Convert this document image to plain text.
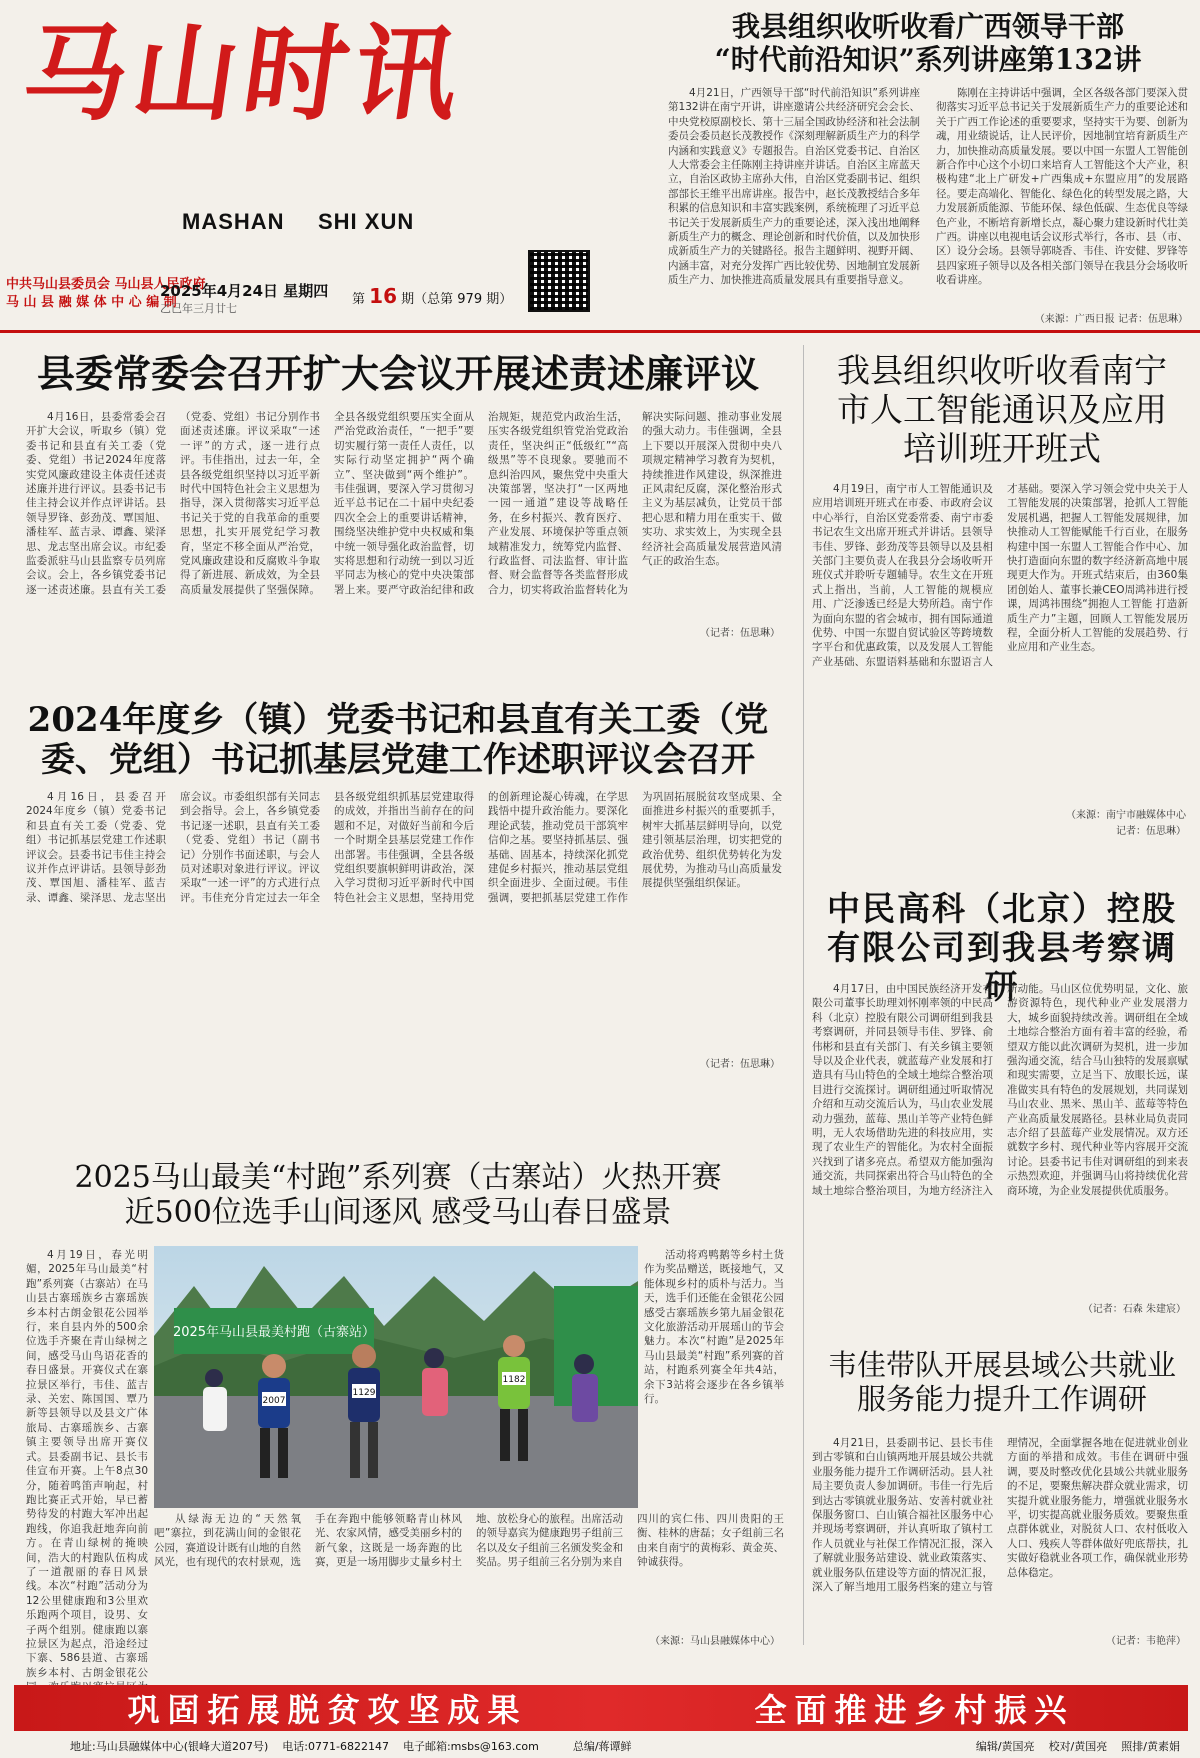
马山时讯
MASHAN SHI XUN
中共马山县委员会 马山县人民政府
马 山 县 融 媒 体 中 心 编 制
2025年4月24日 星期四
乙巳年三月廿七
第 16 期（总第 979 期）
我县组织收听收看广西领导干部
“时代前沿知识”系列讲座第132讲

4月21日，广西领导干部“时代前沿知识”系列讲座第132讲在南宁开讲，讲座邀请公共经济研究会会长、中央党校原副校长、第十三届全国政协经济和社会法制委员会委员赵长茂教授作《深刻理解新质生产力的科学内涵和实践意义》专题报告。自治区党委书记、自治区人大常委会主任陈刚主持讲座并讲话。自治区主席蓝天立，自治区政协主席孙大伟，自治区党委副书记、组织部部长王维平出席讲座。报告中，赵长茂教授结合多年积累的信息知识和丰富实践案例，系统梳理了习近平总书记关于发展新质生产力的重要论述，深入浅出地阐释新质生产力的概念、理论创新和时代价值，以及加快形成新质生产力的关键路径。报告主题鲜明、视野开阔、内涵丰富，对充分发挥广西比较优势、因地制宜发展新质生产力、加快推进高质量发展具有重要指导意义。

陈刚在主持讲话中强调，全区各级各部门要深入贯彻落实习近平总书记关于发展新质生产力的重要论述和关于广西工作论述的重要要求，坚持实干为要、创新为魂，用业绩说话，让人民评价，因地制宜培育新质生产力，加快推动高质量发展。要以中国一东盟人工智能创新合作中心这个小切口来培育人工智能这个大产业，积极构建“北上广研发+广西集成+东盟应用”的发展路径。要走高端化、智能化、绿色化的转型发展之路，大力发展新质能源、节能环保、绿色低碳、生态优良等绿色产业，不断培育新增长点，凝心聚力建设新时代壮美广西。讲座以电视电话会议形式举行，各市、县（市、区）设分会场。县领导郭晓香、韦佳、许安健、罗锋等县四家班子领导以及各相关部门领导在我县分会场收听收看讲座。

（来源：广西日报 记者：伍思琳）
县委常委会召开扩大会议开展述责述廉评议

4月16日，县委常委会召开扩大会议，听取乡（镇）党委书记和县直有关工委（党委、党组）书记2024年度落实党风廉政建设主体责任述责述廉并进行评议。县委书记韦佳主持会议并作点评讲话。县领导罗锋、彭劲茂、覃国旭、潘桂军、蓝吉录、谭鑫、梁泽思、龙志坚出席会议。市纪委监委派驻马山县监察专员列席会议。会上，各乡镇党委书记逐一述责述廉。县直有关工委（党委、党组）书记分别作书面述责述廉。评议采取“一述一评”的方式，逐一进行点评。韦佳指出，过去一年，全县各级党组织坚持以习近平新时代中国特色社会主义思想为指导，深入贯彻落实习近平总书记关于党的自我革命的重要思想，扎实开展党纪学习教育，坚定不移全面从严治党，党风廉政建设和反腐败斗争取得了新进展、新成效，为全县高质量发展提供了坚强保障。全县各级党组织要压实全面从严治党政治责任，“一把手”要切实履行第一责任人责任，以实际行动坚定拥护“两个确立”、坚决做到“两个维护”。韦佳强调，要深入学习贯彻习近平总书记在二十届中央纪委四次全会上的重要讲话精神，围绕坚决维护党中央权威和集中统一领导强化政治监督，切实将思想和行动统一到以习近平同志为核心的党中央决策部署上来。要严守政治纪律和政治规矩，规范党内政治生活，压实各级党组织管党治党政治责任，坚决纠正“低级红”“高级黑”等不良现象。要驰而不息纠治四风，聚焦党中央重大决策部署，坚决打“一区两地一园一通道”建设等战略任务，在乡村振兴、教育医疗、产业发展、环境保护等重点领域精准发力，统筹党内监督、行政监督、司法监督、审计监督、财会监督等各类监督形成合力，切实将政治监督转化为解决实际问题、推动事业发展的强大动力。韦佳强调，全县上下要以开展深入贯彻中央八项规定精神学习教育为契机，持续推进作风建设，纵深推进正风肃纪反腐，深化整治形式主义为基层减负，让党员干部把心思和精力用在重实干、做实功、求实效上，为实现全县经济社会高质量发展营造风清气正的政治生态。

（记者：伍思琳）
2024年度乡（镇）党委书记和县直有关工委（党
委、党组）书记抓基层党建工作述职评议会召开

4月16日，县委召开2024年度乡（镇）党委书记和县直有关工委（党委、党组）书记抓基层党建工作述职评议会。县委书记韦佳主持会议并作点评讲话。县领导彭劲茂、覃国旭、潘桂军、蓝吉录、谭鑫、梁泽思、龙志坚出席会议。市委组织部有关同志到会指导。会上，各乡镇党委书记逐一述职，县直有关工委（党委、党组）书记（副书记）分别作书面述职，与会人员对述职对象进行评议。评议采取“一述一评”的方式进行点评。韦佳充分肯定过去一年全县各级党组织抓基层党建取得的成效，并指出当前存在的问题和不足，对做好当前和今后一个时期全县基层党建工作作出部署。韦佳强调，全县各级党组织要旗帜鲜明讲政治，深入学习贯彻习近平新时代中国特色社会主义思想，坚持用党的创新理论凝心铸魂，在学思践悟中提升政治能力。要深化理论武装，推动党员干部筑牢信仰之基。要坚持抓基层、强基础、固基本，持续深化抓党建促乡村振兴，推动基层党组织全面进步、全面过硬。韦佳强调，要把抓基层党建工作作为巩固拓展脱贫攻坚成果、全面推进乡村振兴的重要抓手，树牢大抓基层鲜明导向，以党建引领基层治理，切实把党的政治优势、组织优势转化为发展优势，为推动马山高质量发展提供坚强组织保证。

（记者：伍思琳）
2025马山最美“村跑”系列赛（古寨站）火热开赛
近500位选手山间逐风 感受马山春日盛景

4月19日，春光明媚，2025年马山最美“村跑”系列赛（古寨站）在马山县古寨瑶族乡古寨瑶族乡本村古朗金银花公园举行，来自县内外的500余位选手齐聚在青山绿树之间，感受马山鸟语花香的春日盛景。开赛仪式在寨拉景区举行，韦佳、蓝吉录、关宏、陈国国、覃乃新等县领导以及县文广体旅局、古寨瑶族乡、古寨镇主要领导出席开赛仪式。县委副书记、县长韦佳宣布开赛。上午8点30分，随着鸣笛声响起，村跑比赛正式开始，早已蓄势待发的村跑大军冲出起跑线，你追我赶地奔向前方。在青山绿树的掩映间，浩大的村跑队伍构成了一道靓丽的春日风景线。本次“村跑”活动分为12公里健康跑和3公里欢乐跑两个项目，设男、女子两个组别。健康跑以寨拉景区为起点，沿途经过下寨、586县道、古寨瑶族乡本村、古朗金银花公

2025年马山县最美村跑（古寨站）
2007
1129
1182

活动将鸡鸭鹅等乡村土货作为奖品赠送，既接地气，又能体现乡村的质朴与活力。当天，选手们还能在金银花公园感受古寨瑶族乡第九届金银花文化旅游活动开展瑶山的节会魅力。本次“村跑”是2025年马山县最美“村跑”系列赛的首站，村跑系列赛全年共4站，余下3站将会逐步在各乡镇举行。

从绿海无边的“天然氧吧”寨拉，到花满山间的金银花公园，赛道设计既有山地的自然风光，也有现代的农村景观，选手在奔跑中能够领略青山林风光、农家风情，感受美丽乡村的新气象，这既是一场奔跑的比赛，更是一场用脚步丈量乡村土地、放松身心的旅程。出席活动的领导嘉宾为健康跑男子组前三名以及女子组前三名颁发奖金和奖品。男子组前三名分别为来自四川的宾仁伟、四川贵阳的王衡、桂林的唐磊；女子组前三名由来自南宁的黄梅彩、黄金英、钟诚获得。

（来源：马山县融媒体中心）
我县组织收听收看南宁
市人工智能通识及应用
培训班开班式

4月19日，南宁市人工智能通识及应用培训班开班式在市委、市政府会议中心举行，自治区党委常委、南宁市委书记农生文出席开班式并讲话。县领导韦佳、罗锋、彭劲茂等县领导以及县相关部门主要负责人在我县分会场收听开班仪式并聆听专题辅导。农生文在开班式上指出，当前，人工智能的规模应用、广泛渗透已经是大势所趋。南宁作为面向东盟的省会城市，拥有国际通道优势、中国一东盟自贸试验区等跨境数字平台和优惠政策，以及发展人工智能产业基础、东盟语料基础和东盟语言人才基础。要深入学习领会党中央关于人工智能发展的决策部署，抢抓人工智能发展机遇，把握人工智能发展规律，加快推动人工智能赋能千行百业，在服务构建中国一东盟人工智能合作中心、加快打造面向东盟的数字经济新高地中展现更大作为。开班式结束后，由360集团创始人、董事长兼CEO周鸿祎进行授课，周鸿祎围绕“拥抱人工智能 打造新质生产力”主题，回顾人工智能发展历程，全面分析人工智能的发展趋势、行业应用和产业生态。

（来源：南宁市融媒体中心
记者：伍思琳）
中民高科（北京）控股
有限公司到我县考察调研

4月17日，由中国民族经济开发有限公司董事长助理刘怀刚率领的中民高科（北京）控股有限公司调研组到我县考察调研，并同县领导韦佳、罗锋、俞伟彬和县直有关部门、有关乡镇主要领导以及企业代表，就蓝莓产业发展和打造具有马山特色的全域土地综合整治项目进行交流探讨。调研组通过听取情况介绍和互动交流后认为，马山农业发展动力强劲，蓝莓、黑山羊等产业特色鲜明，无人农场借助先进的科技应用，实现了农业生产的智能化。为农村全面振兴找到了诸多亮点。希望双方能加强沟通交流，共同探索出符合马山特色的全域土地综合整治项目，为地方经济注入新动能。马山区位优势明显，文化、旅游资源特色，现代种业产业发展潜力大，城乡面貌持续改善。调研组在全域土地综合整治方面有着丰富的经验，希望双方能以此次调研为契机，进一步加强沟通交流，结合马山独特的发展禀赋和现实需要，立足当下、放眼长远，谋准做实具有特色的发展规划，共同谋划马山农业、黑米、黑山羊、蓝莓等特色产业高质量发展路径。县林业局负责同志介绍了县蓝莓产业发展情况。双方还就数字乡村、现代种业等内容展开交流讨论。县委书记韦佳对调研组的到来表示热烈欢迎，并强调马山将持续优化营商环境，为企业发展提供优质服务。

（记者：石森 朱建宸）
韦佳带队开展县域公共就业
服务能力提升工作调研

4月21日，县委副书记、县长韦佳到古零镇和白山镇两地开展县域公共就业服务能力提升工作调研活动。县人社局主要负责人参加调研。韦佳一行先后到达古零镇就业服务站、安善村就业社保服务窗口、白山镇合福社区服务中心并现场考察调研，并认真听取了镇村工作人员就业与社保工作情况汇报，深入了解就业服务站建设、就业政策落实、就业服务队伍建设等方面的情况汇报，深入了解当地用工服务档案的建立与管理情况，全面掌握各地在促进就业创业方面的举措和成效。韦佳在调研中强调，要及时整改优化县域公共就业服务的不足，要聚焦解决群众就业需求，切实提升就业服务能力，增强就业服务水平，切实提高就业服务质效。要聚焦重点群体就业，对脱贫人口、农村低收入人口、残疾人等群体做好兜底帮扶，扎实做好稳就业各项工作，确保就业形势总体稳定。

（记者：韦艳萍）
巩固拓展脱贫攻坚成果	全面推进乡村振兴
地址:马山县融媒体中心(银峰大道207号) 电话:0771-6822147 电子邮箱:msbs@163.com	总编/蒋谭鲜	编辑/黄国亮 校对/黄国亮 照排/黄素娟
